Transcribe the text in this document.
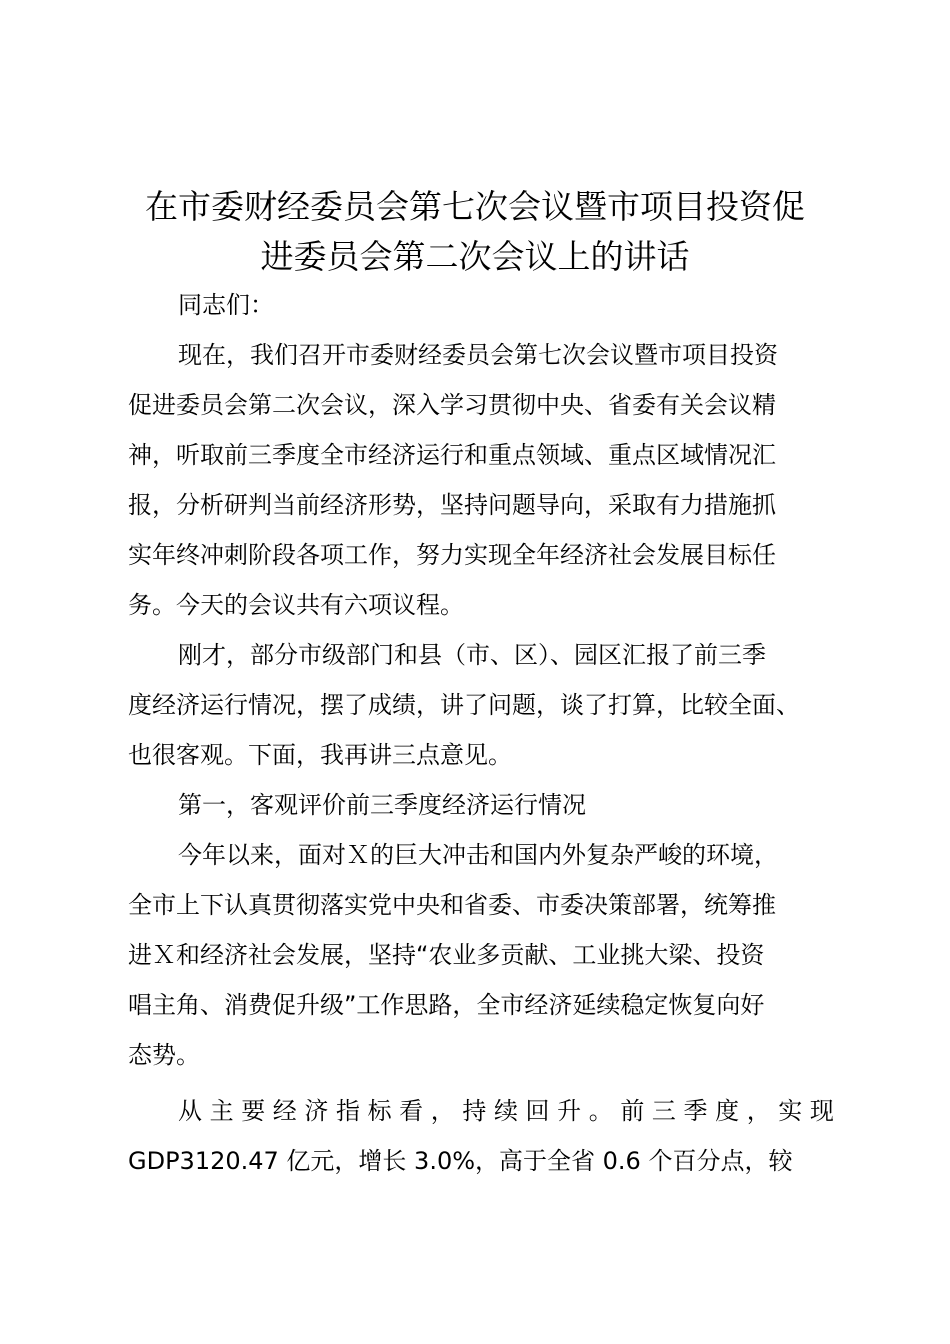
在市委财经委员会第七次会议暨市项目投资促
进委员会第二次会议上的讲话

同志们：

现在，我们召开市委财经委员会第七次会议暨市项目投资
促进委员会第二次会议，深入学习贯彻中央、省委有关会议精
神，听取前三季度全市经济运行和重点领域、重点区域情况汇
报，分析研判当前经济形势，坚持问题导向，采取有力措施抓
实年终冲刺阶段各项工作，努力实现全年经济社会发展目标任
务。今天的会议共有六项议程。

刚才，部分市级部门和县（市、区）、园区汇报了前三季
度经济运行情况，摆了成绩，讲了问题，谈了打算，比较全面、
也很客观。下面，我再讲三点意见。

第一，客观评价前三季度经济运行情况

今年以来，面对Ｘ的巨大冲击和国内外复杂严峻的环境，
全市上下认真贯彻落实党中央和省委、市委决策部署，统筹推
进Ｘ和经济社会发展，坚持“农业多贡献、工业挑大梁、投资
唱主角、消费促升级”工作思路，全市经济延续稳定恢复向好
态势。

从 主 要 经 济 指 标 看 ， 持 续 回 升 。 前 三 季 度 ， 实 现
GDP3120.47 亿元，增长 3.0%，高于全省 0.6 个百分点，较
